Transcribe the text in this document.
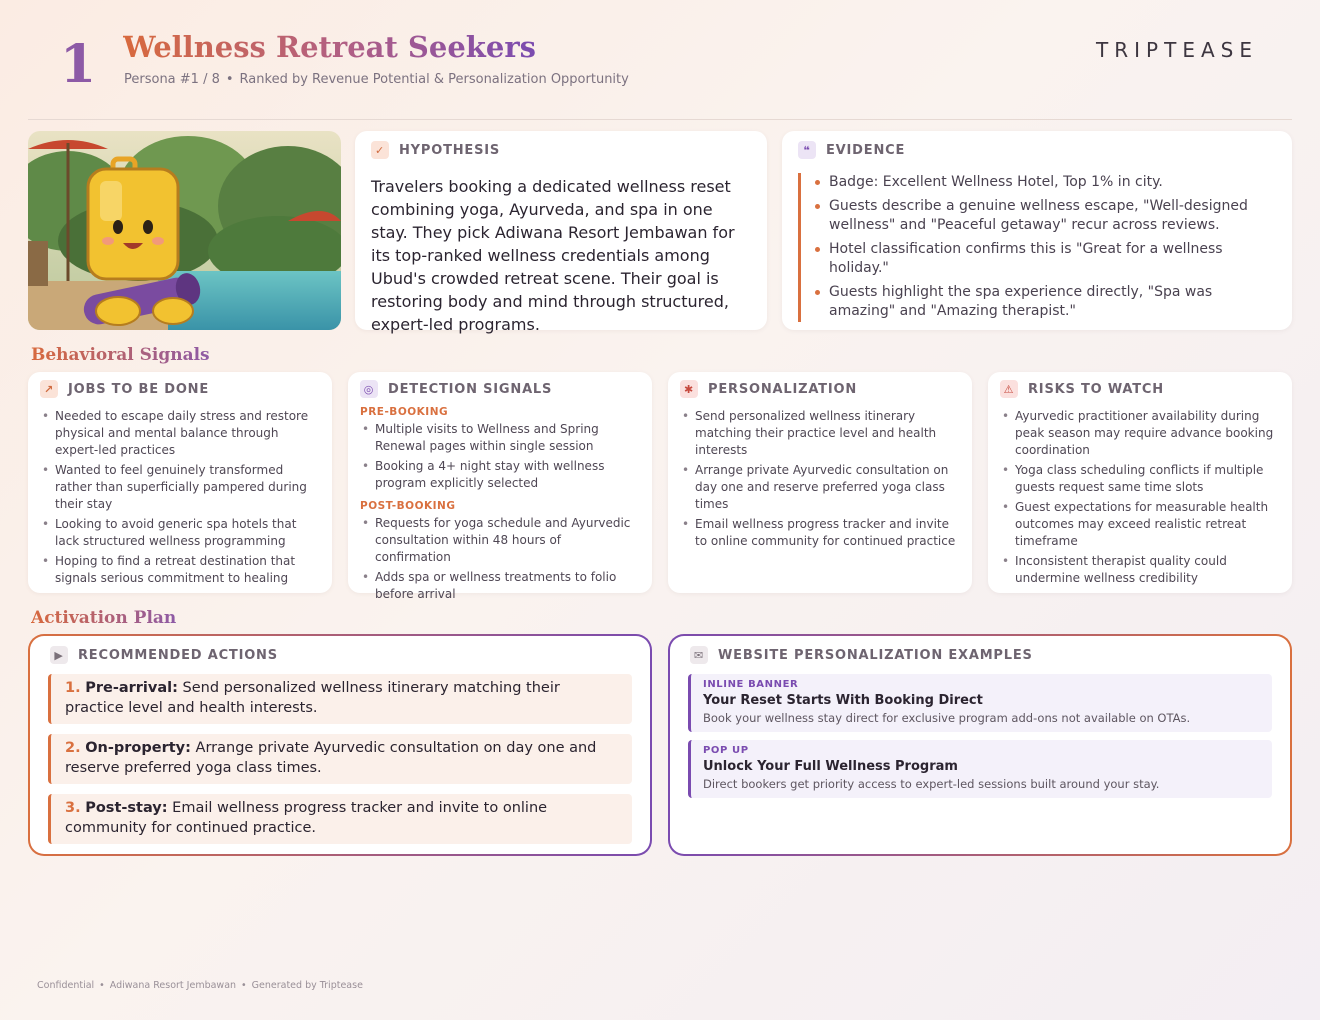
1 Wellness Retreat Seekers
Persona #1 / 8 • Ranked by Revenue Potential & Personalization Opportunity
TRIPTEASE
✓	HYPOTHESIS
Travelers booking a dedicated wellness reset combining yoga, Ayurveda, and spa in one stay. They pick Adiwana Resort Jembawan for its top-ranked wellness credentials among Ubud's crowded retreat scene. Their goal is restoring body and mind through structured, expert-led programs.
❝	EVIDENCE
Badge: Excellent Wellness Hotel, Top 1% in city.
Guests describe a genuine wellness escape, "Well-designed wellness" and "Peaceful getaway" recur across reviews.
Hotel classification confirms this is "Great for a wellness holiday."
Guests highlight the spa experience directly, "Spa was amazing" and "Amazing therapist."
Behavioral Signals
↗	JOBS TO BE DONE
• Needed to escape daily stress and restore physical and mental balance through expert-led practices
• Wanted to feel genuinely transformed rather than superficially pampered during their stay
• Looking to avoid generic spa hotels that lack structured wellness programming
• Hoping to find a retreat destination that signals serious commitment to healing
◎ DETECTION SIGNALS
PRE-BOOKING
• Multiple visits to Wellness and Spring Renewal pages within single session
• Booking a 4+ night stay with wellness program explicitly selected
POST-BOOKING
• Requests for yoga schedule and Ayurvedic consultation within 48 hours of confirmation
• Adds spa or wellness treatments to folio before arrival
✱	PERSONALIZATION
• Send personalized wellness itinerary matching their practice level and health interests
• Arrange private Ayurvedic consultation on day one and reserve preferred yoga class times
• Email wellness progress tracker and invite to online community for continued practice
⚠ RISKS TO WATCH
• Ayurvedic practitioner availability during peak season may require advance booking coordination
• Yoga class scheduling conflicts if multiple guests request same time slots
• Guest expectations for measurable health outcomes may exceed realistic retreat timeframe
• Inconsistent therapist quality could undermine wellness credibility
Activation Plan
▶	RECOMMENDED ACTIONS
1. Pre-arrival: Send personalized wellness itinerary matching their practice level and health interests.
2. On-property: Arrange private Ayurvedic consultation on day one and reserve preferred yoga class times.
3. Post-stay: Email wellness progress tracker and invite to online community for continued practice.
✉	WEBSITE PERSONALIZATION EXAMPLES
INLINE BANNER
Your Reset Starts With Booking Direct
Book your wellness stay direct for exclusive program add-ons not available on OTAs.
POP UP
Unlock Your Full Wellness Program
Direct bookers get priority access to expert-led sessions built around your stay.
Confidential • Adiwana Resort Jembawan • Generated by Triptease
